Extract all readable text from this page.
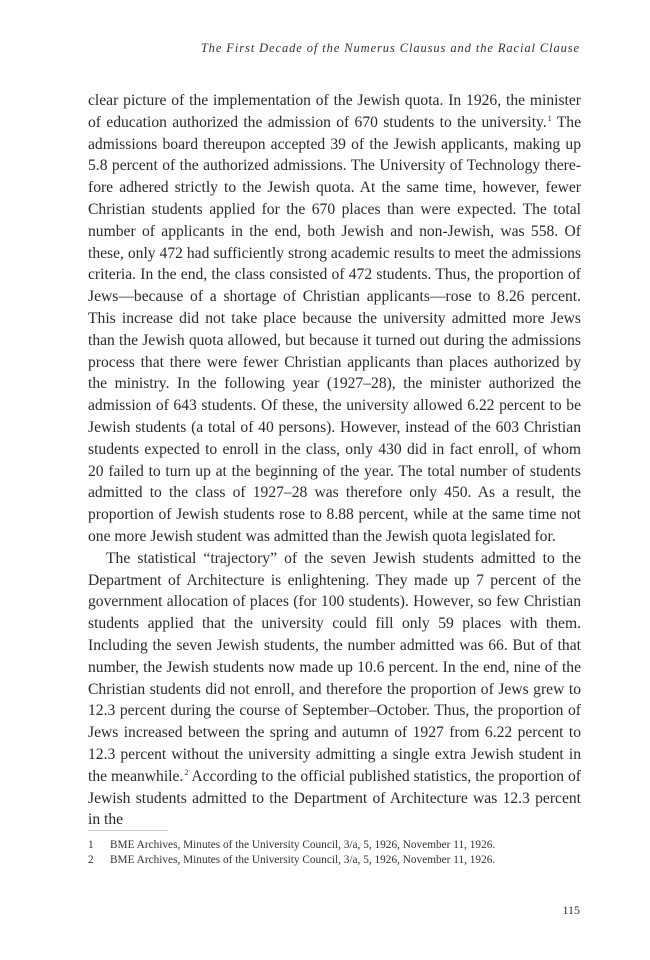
The First Decade of the Numerus Clausus and the Racial Clause

clear picture of the implementation of the Jewish quota. In 1926, the minister of education authorized the admission of 670 students to the university.$^1$ The admissions board thereupon accepted 39 of the Jewish applicants, making up 5.8 percent of the authorized admissions. The University of Technology therefore adhered strictly to the Jewish quota. At the same time, however, fewer Christian students applied for the 670 places than were expected. The total number of applicants in the end, both Jewish and non-Jewish, was 558. Of these, only 472 had sufficiently strong academic results to meet the admissions criteria. In the end, the class consisted of 472 students. Thus, the proportion of Jews—because of a shortage of Christian applicants—rose to 8.26 percent. This increase did not take place because the university admitted more Jews than the Jewish quota allowed, but because it turned out during the admissions process that there were fewer Christian applicants than places authorized by the ministry. In the following year (1927–28), the minister authorized the admission of 643 students. Of these, the university allowed 6.22 percent to be Jewish students (a total of 40 persons). However, instead of the 603 Christian students expected to enroll in the class, only 430 did in fact enroll, of whom 20 failed to turn up at the beginning of the year. The total number of students admitted to the class of 1927–28 was therefore only 450. As a result, the proportion of Jewish students rose to 8.88 percent, while at the same time not one more Jewish student was admitted than the Jewish quota legislated for.

The statistical “trajectory” of the seven Jewish students admitted to the Department of Architecture is enlightening. They made up 7 percent of the government allocation of places (for 100 students). However, so few Christian students applied that the university could fill only 59 places with them. Including the seven Jewish students, the number admitted was 66. But of that number, the Jewish students now made up 10.6 percent. In the end, nine of the Christian students did not enroll, and therefore the proportion of Jews grew to 12.3 percent during the course of September–October. Thus, the proportion of Jews increased between the spring and autumn of 1927 from 6.22 percent to 12.3 percent without the university admitting a single extra Jewish student in the meanwhile.$^2$ According to the official published statistics, the proportion of Jewish students admitted to the Department of Architecture was 12.3 percent in the

1	BME Archives, Minutes of the University Council, 3/a, 5, 1926, November 11, 1926.
2	BME Archives, Minutes of the University Council, 3/a, 5, 1926, November 11, 1926.
115
